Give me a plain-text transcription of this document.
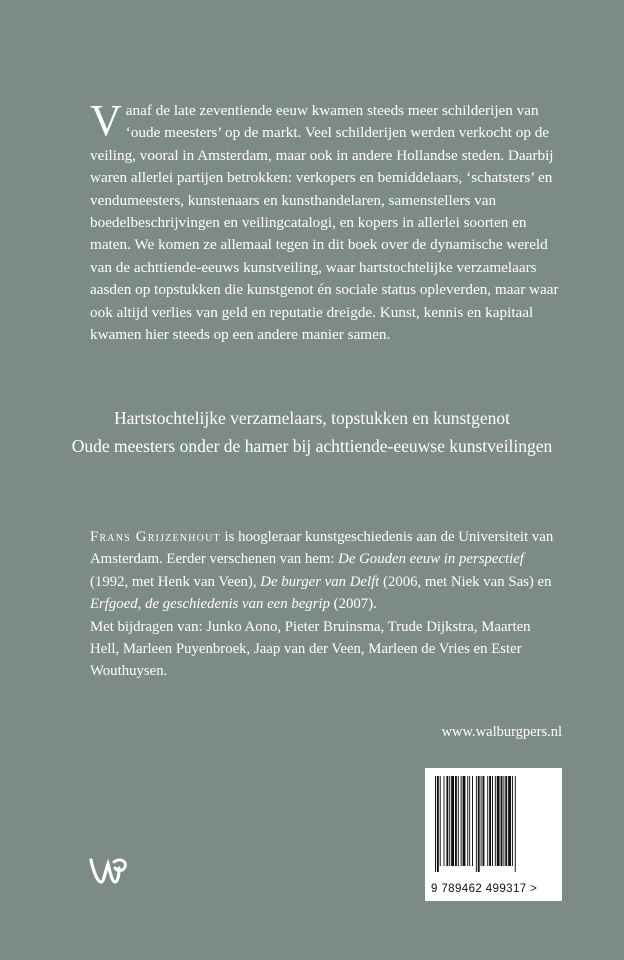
Vanaf de late zeventiende eeuw kwamen steeds meer schilderijen van ‘oude meesters’ op de markt. Veel schilderijen werden verkocht op de veiling, vooral in Amsterdam, maar ook in andere Hollandse steden. Daarbij waren allerlei partijen betrokken: verkopers en bemiddelaars, ‘schatsters’ en vendumeesters, kunstenaars en kunsthandelaren, samenstellers van boedelbeschrijvingen en veilingcatalogi, en kopers in allerlei soorten en maten. We komen ze allemaal tegen in dit boek over de dynamische wereld van de achttiende-eeuws kunstveiling, waar hartstochtelijke verzamelaars aasden op topstukken die kunstgenot én sociale status opleverden, maar waar ook altijd verlies van geld en reputatie dreigde. Kunst, kennis en kapitaal kwamen hier steeds op een andere manier samen.

Hartstochtelijke verzamelaars, topstukken en kunstgenot

Oude meesters onder de hamer bij achttiende-eeuwse kunstveilingen

Frans Grijzenhout is hoogleraar kunstgeschiedenis aan de Universiteit van Amsterdam. Eerder verschenen van hem: De Gouden eeuw in perspectief (1992, met Henk van Veen), De burger van Delft (2006, met Niek van Sas) en Erfgoed, de geschiedenis van een begrip (2007).

Met bijdragen van: Junko Aono, Pieter Bruinsma, Trude Dijkstra, Maarten Hell, Marleen Puyenbroek, Jaap van der Veen, Marleen de Vries en Ester Wouthuysen.

www.walburgpers.nl
9 789462 499317 >
